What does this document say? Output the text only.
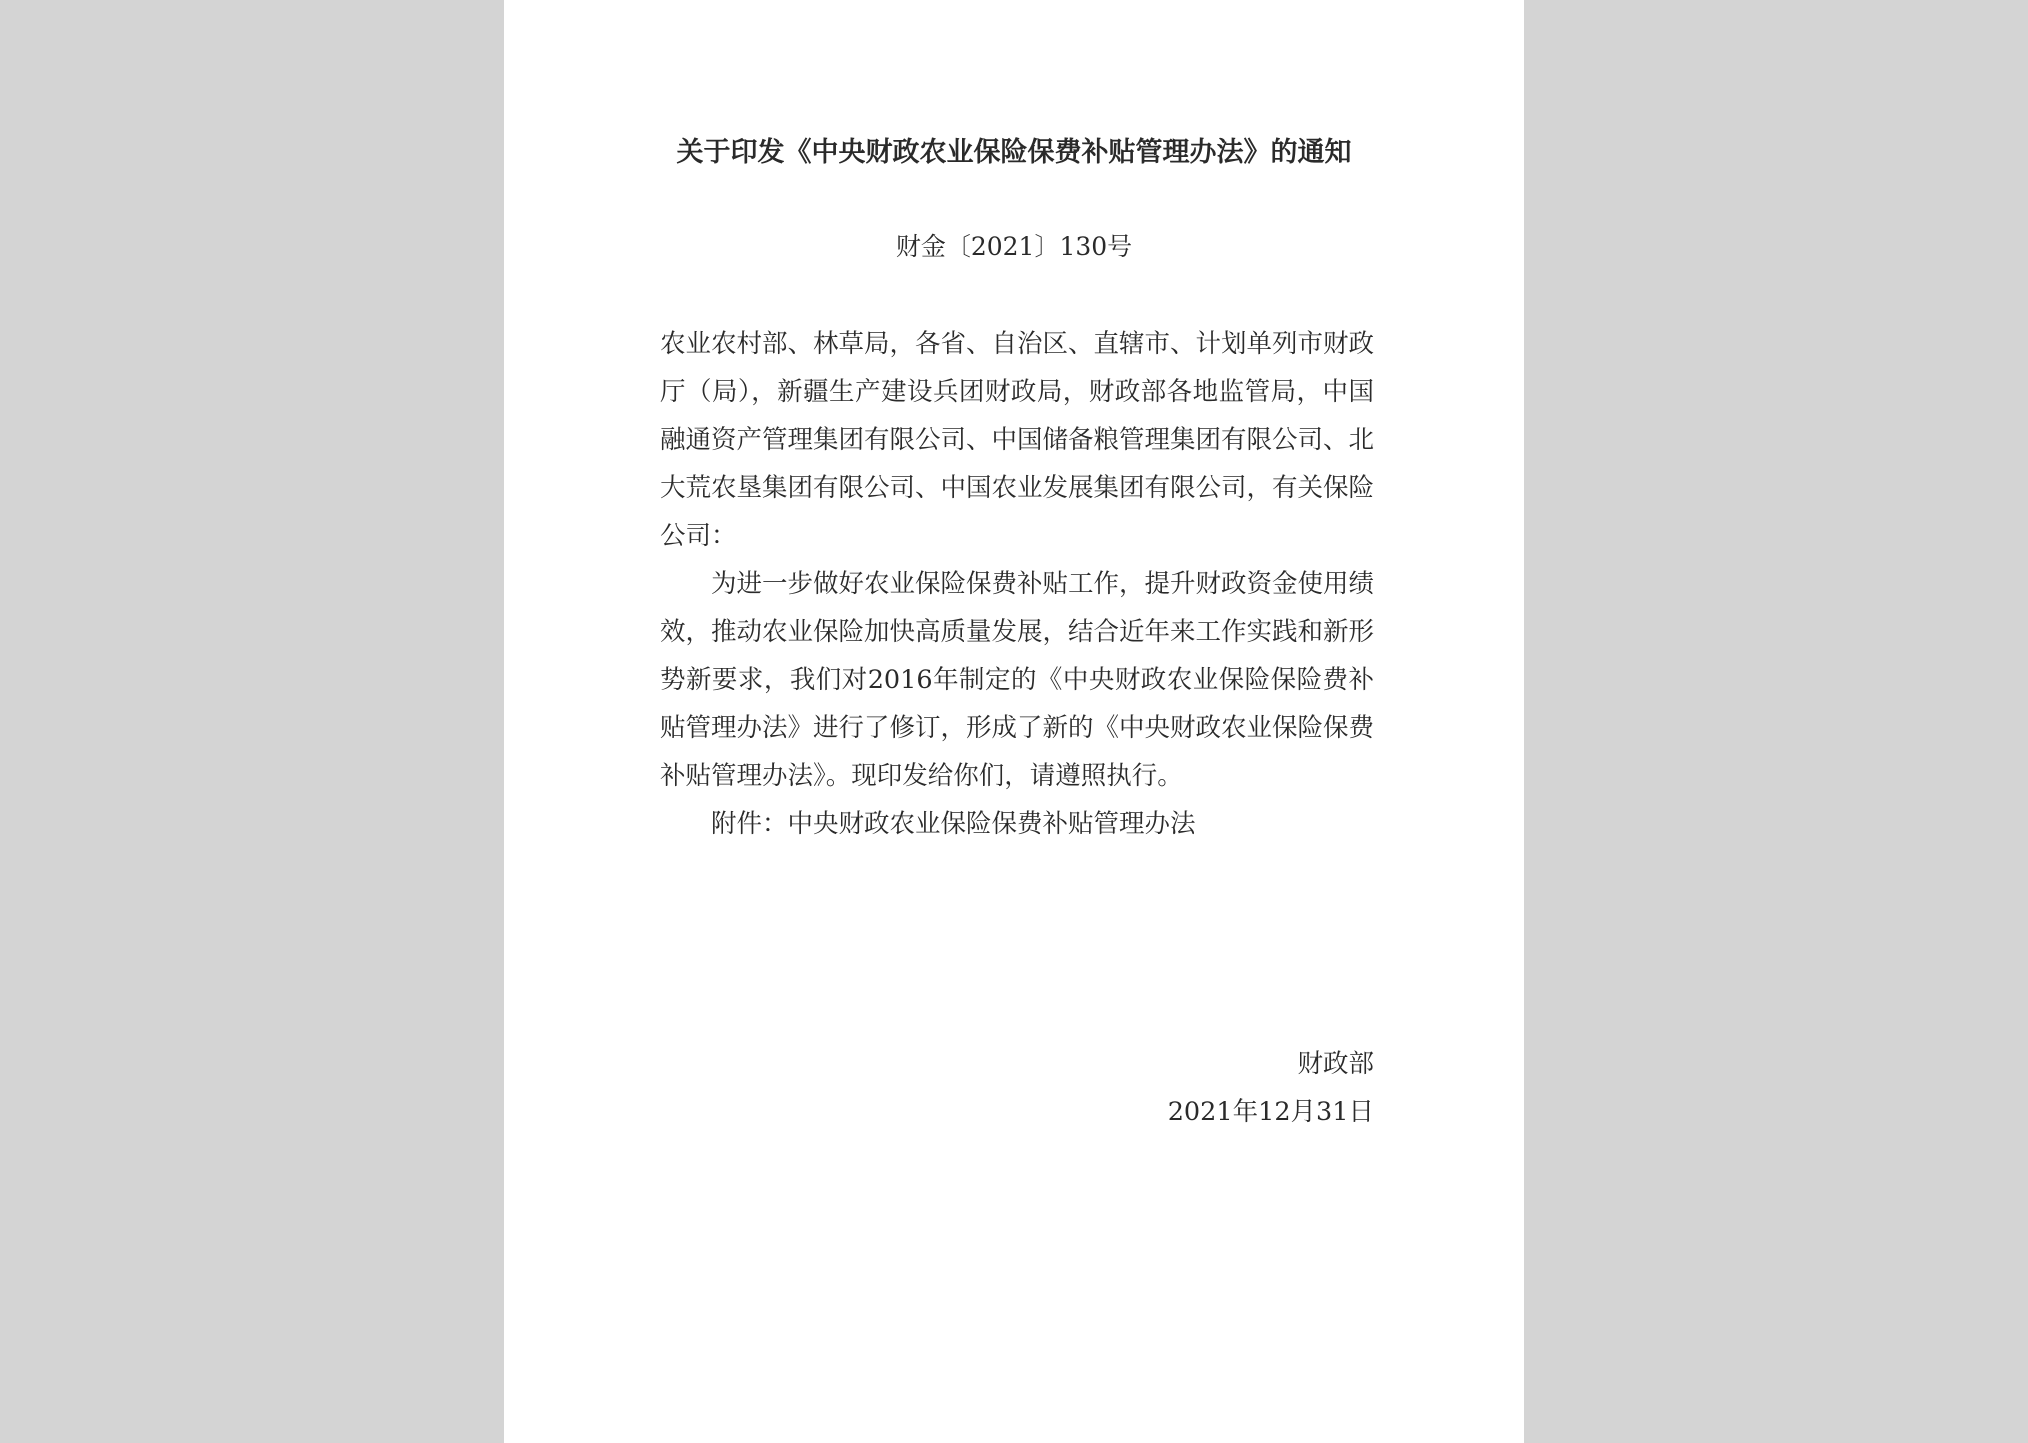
关于印发《中央财政农业保险保费补贴管理办法》的通知
财金〔2021〕130号

农业农村部、林草局，各省、自治区、直辖市、计划单列市财政厅（局），新疆生产建设兵团财政局，财政部各地监管局，中国融通资产管理集团有限公司、中国储备粮管理集团有限公司、北大荒农垦集团有限公司、中国农业发展集团有限公司，有关保险公司：

为进一步做好农业保险保费补贴工作，提升财政资金使用绩效，推动农业保险加快高质量发展，结合近年来工作实践和新形势新要求，我们对2016年制定的《中央财政农业保险保险费补贴管理办法》进行了修订，形成了新的《中央财政农业保险保费补贴管理办法》。现印发给你们，请遵照执行。

附件：中央财政农业保险保费补贴管理办法

财政部
2021年12月31日
